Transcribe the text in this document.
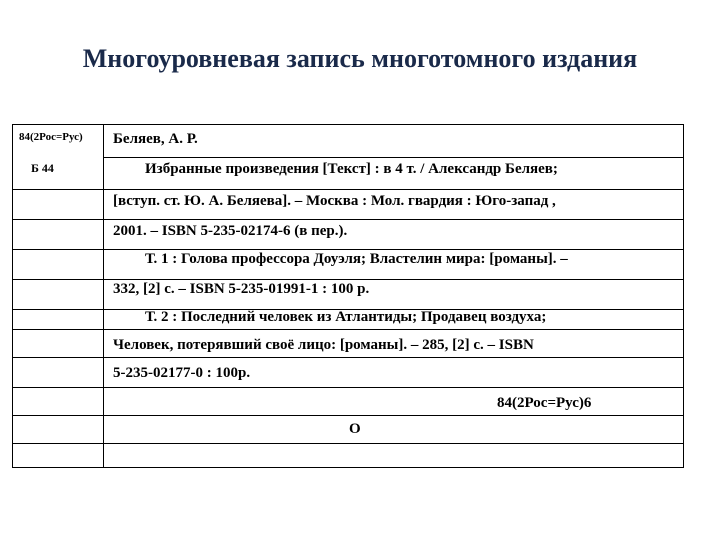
Многоуровневая запись многотомного издания
84(2Рос=Рус)
Б 44
Беляев, А. Р.
Избранные произведения [Текст] : в 4 т. / Александр Беляев;
[вступ. ст. Ю. А. Беляева]. – Москва : Мол. гвардия : Юго-запад ,
2001. – ISBN 5-235-02174-6 (в пер.).
Т. 1 : Голова профессора Доуэля; Властелин мира: [романы]. –
332, [2] с. – ISBN 5-235-01991-1 : 100 р.
Т. 2 : Последний человек из Атлантиды; Продавец воздуха;
Человек, потерявший своё лицо: [романы]. – 285, [2] с. – ISBN
5-235-02177-0 : 100р.
84(2Рос=Рус)6
О
